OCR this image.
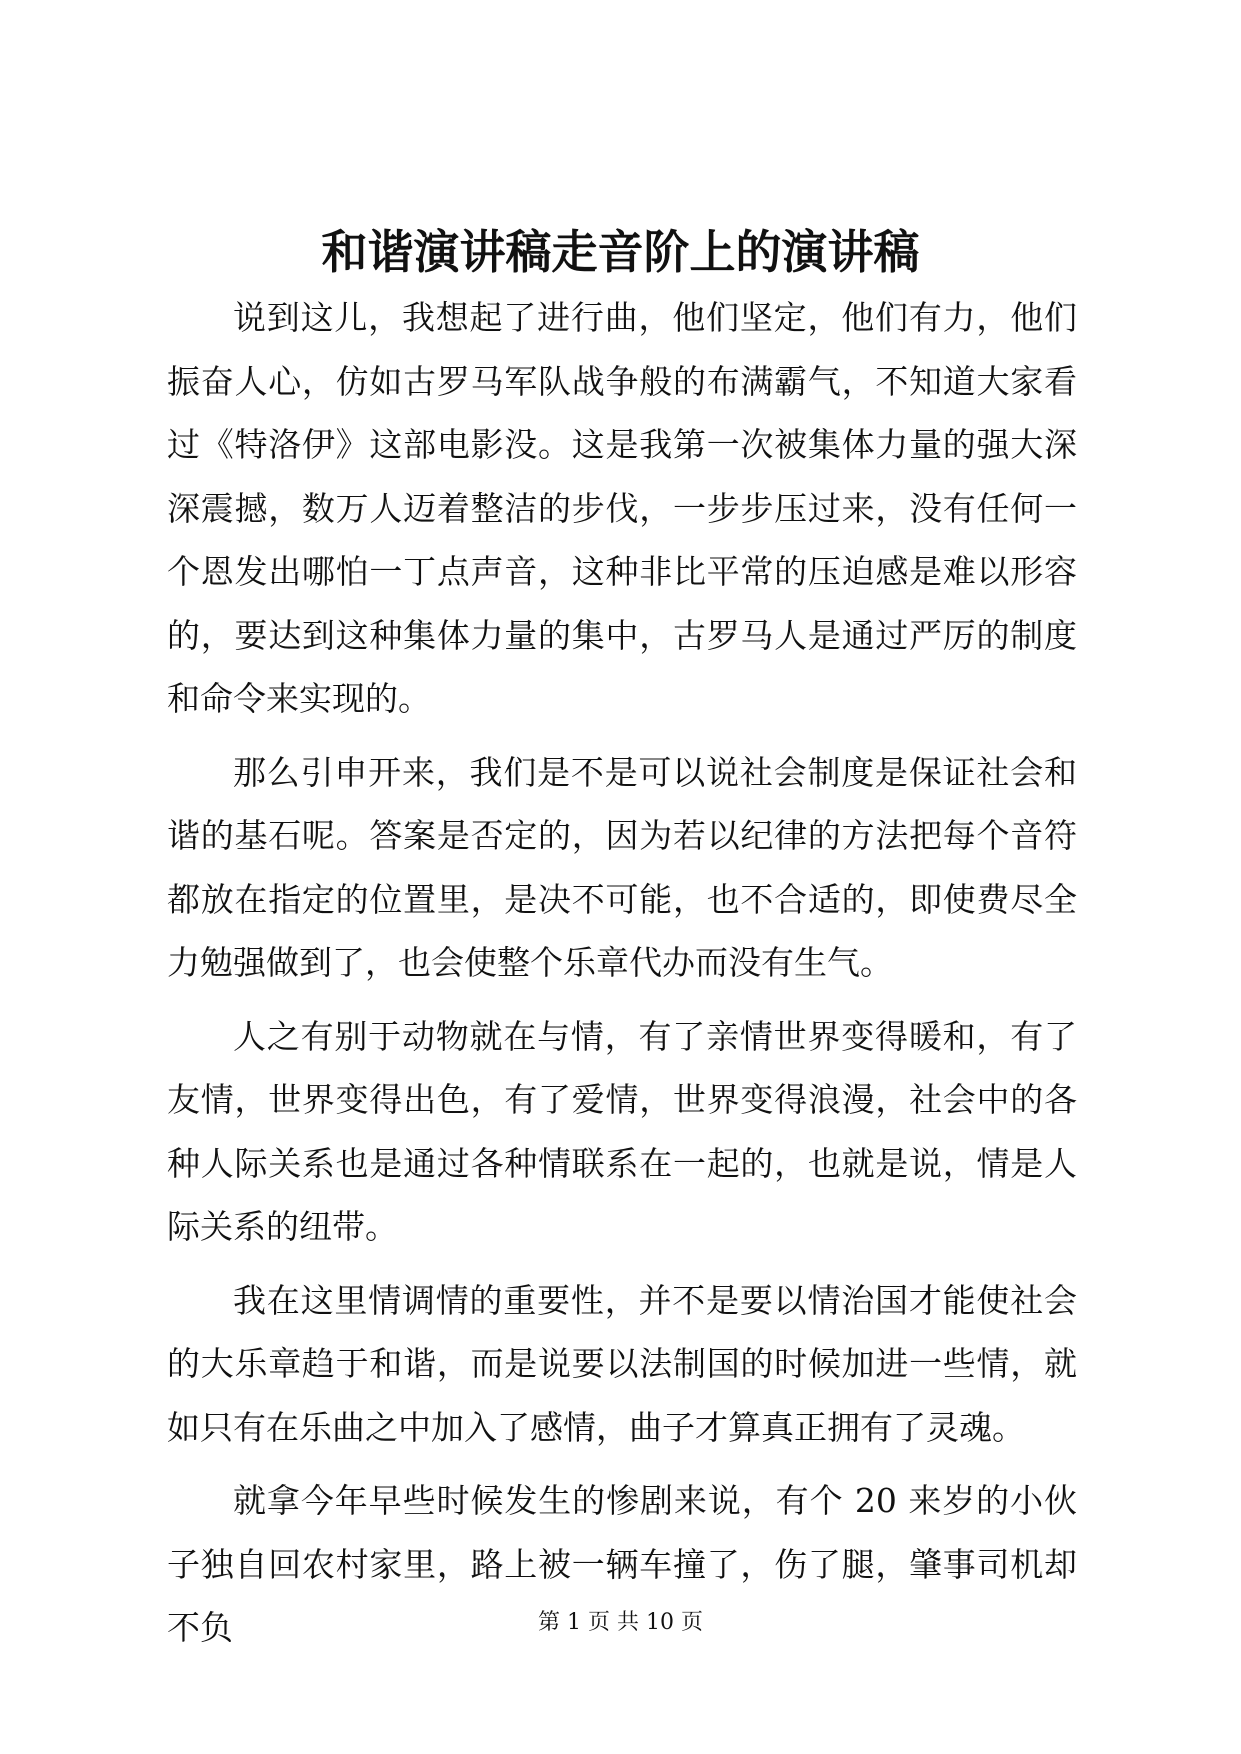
和谐演讲稿走音阶上的演讲稿

说到这儿，我想起了进行曲，他们坚定，他们有力，他们振奋人心，仿如古罗马军队战争般的布满霸气，不知道大家看过《特洛伊》这部电影没。这是我第一次被集体力量的强大深深震撼，数万人迈着整洁的步伐，一步步压过来，没有任何一个恩发出哪怕一丁点声音，这种非比平常的压迫感是难以形容的，要达到这种集体力量的集中，古罗马人是通过严厉的制度和命令来实现的。

那么引申开来，我们是不是可以说社会制度是保证社会和谐的基石呢。答案是否定的，因为若以纪律的方法把每个音符都放在指定的位置里，是决不可能，也不合适的，即使费尽全力勉强做到了，也会使整个乐章代办而没有生气。

人之有别于动物就在与情，有了亲情世界变得暖和，有了友情，世界变得出色，有了爱情，世界变得浪漫，社会中的各种人际关系也是通过各种情联系在一起的，也就是说，情是人际关系的纽带。

我在这里情调情的重要性，并不是要以情治国才能使社会的大乐章趋于和谐，而是说要以法制国的时候加进一些情，就如只有在乐曲之中加入了感情，曲子才算真正拥有了灵魂。

就拿今年早些时候发生的惨剧来说，有个 20 来岁的小伙子独自回农村家里，路上被一辆车撞了，伤了腿，肇事司机却不负	第 1 页 共 10 页
